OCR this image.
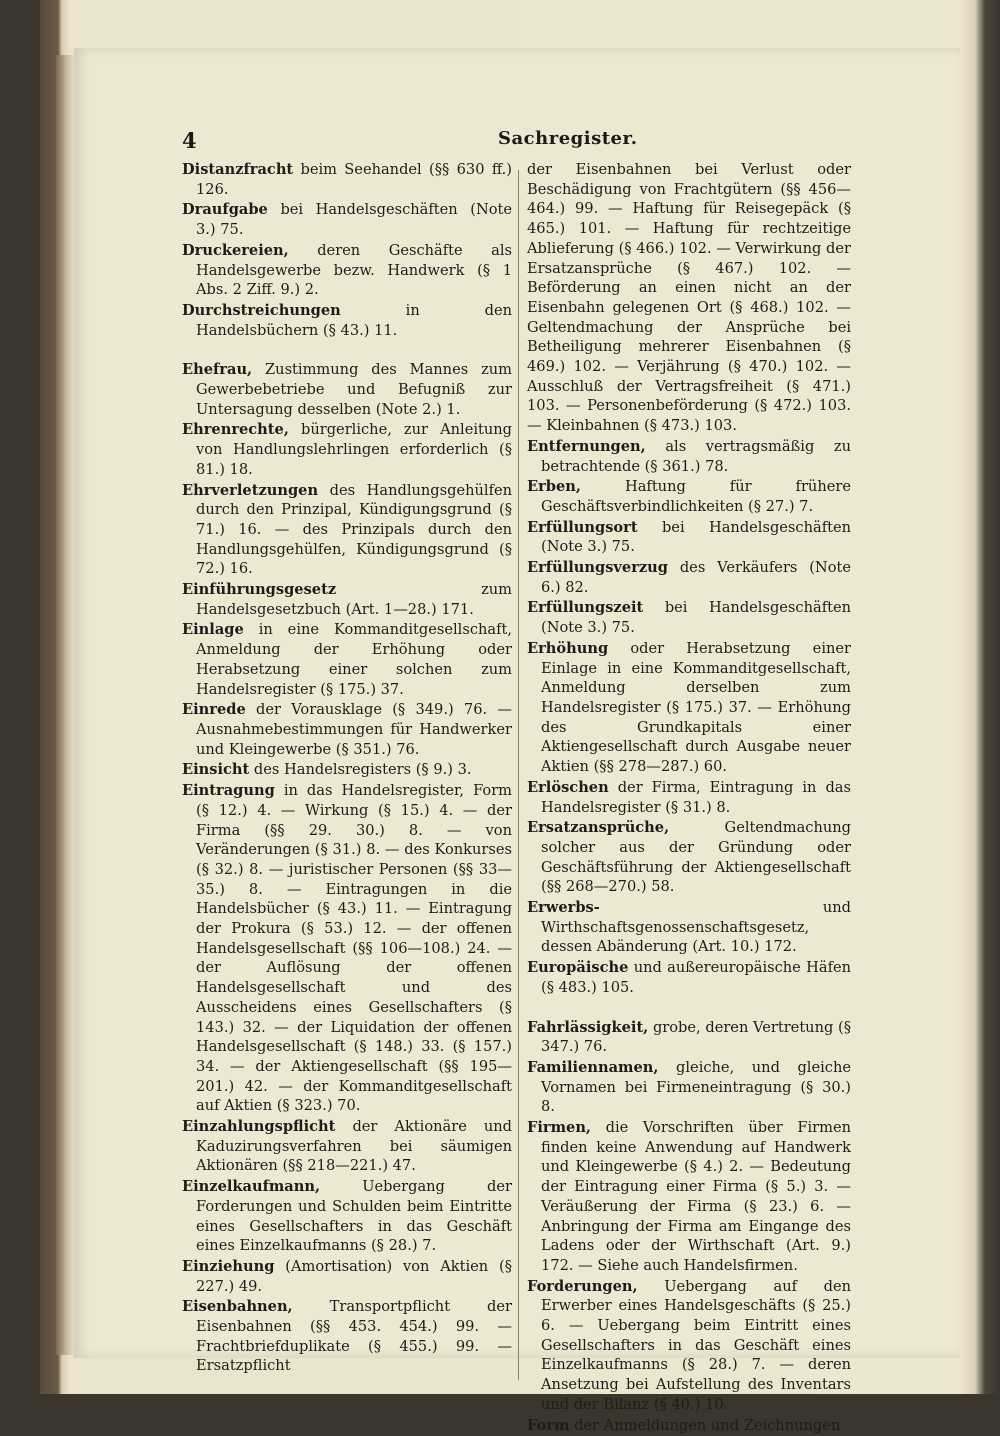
4	Sachregister.

Distanzfracht beim Seehandel (§§ 630 ff.) 126.

Draufgabe bei Handelsgeschäften (Note 3.) 75.

Druckereien, deren Geschäfte als Handelsgewerbe bezw. Handwerk (§ 1 Abs. 2 Ziff. 9.) 2.

Durchstreichungen	in den Handelsbüchern (§ 43.) 11.

Ehefrau, Zustimmung des Mannes zum Gewerbebetriebe und Befugniß zur Untersagung desselben (Note 2.) 1.

Ehrenrechte, bürgerliche, zur Anleitung von Handlungslehrlingen erforderlich (§ 81.) 18.

Ehrverletzungen des Handlungsgehülfen durch den Prinzipal, Kündigungsgrund (§ 71.) 16. — des Prinzipals durch den Handlungsgehülfen, Kündigungsgrund (§ 72.) 16.

Einführungsgesetz	zum Handelsgesetzbuch (Art. 1—28.) 171.

Einlage in eine Kommanditgesellschaft, Anmeldung der Erhöhung oder Herabsetzung einer solchen zum Handelsregister (§ 175.) 37.

Einrede der Vorausklage (§ 349.) 76. — Ausnahmebestimmungen für Handwerker und Kleingewerbe (§ 351.) 76.

Einsicht des Handelsregisters (§ 9.) 3.

Eintragung in das Handelsregister, Form (§ 12.) 4. — Wirkung (§ 15.) 4. — der Firma (§§ 29. 30.) 8. — von Veränderungen (§ 31.) 8. — des Konkurses (§ 32.) 8. — juristischer Personen (§§ 33—35.) 8. — Eintragungen in die Handelsbücher (§ 43.) 11. — Eintragung der Prokura (§ 53.) 12. — der offenen Handelsgesellschaft (§§ 106—108.) 24. — der Auflösung der offenen Handelsgesellschaft und des Ausscheidens eines Gesellschafters (§ 143.) 32. — der Liquidation der offenen Handelsgesellschaft (§ 148.) 33. (§ 157.) 34. — der Aktiengesellschaft (§§ 195—201.) 42. — der Kommanditgesellschaft auf Aktien (§ 323.) 70.

Einzahlungspflicht der Aktionäre und Kaduzirungsverfahren bei säumigen Aktionären (§§ 218—221.) 47.

Einzelkaufmann,	Uebergang der Forderungen und Schulden beim Eintritte eines Gesellschafters in das Geschäft eines Einzelkaufmanns (§ 28.) 7.

Einziehung (Amortisation) von Aktien (§ 227.) 49.

Eisenbahnen,	Transportpflicht der Eisenbahnen (§§ 453. 454.) 99. — Frachtbriefduplikate (§ 455.) 99. — Ersatzpflicht

der Eisenbahnen bei Verlust oder Beschädigung von Frachtgütern (§§ 456—464.) 99. — Haftung für Reisegepäck (§ 465.) 101. — Haftung für rechtzeitige Ablieferung (§ 466.) 102. — Verwirkung der Ersatzansprüche (§ 467.) 102. — Beförderung an einen nicht an der Eisenbahn gelegenen Ort (§ 468.) 102. — Geltendmachung der Ansprüche bei Betheiligung mehrerer Eisenbahnen (§ 469.) 102. — Verjährung (§ 470.) 102. — Ausschluß der Vertragsfreiheit (§ 471.) 103. — Personenbeförderung (§ 472.) 103. — Kleinbahnen (§ 473.) 103.

Entfernungen, als vertragsmäßig zu betrachtende (§ 361.) 78.

Erben,	Haftung für frühere Geschäftsverbindlichkeiten (§ 27.) 7.

Erfüllungsort bei Handelsgeschäften (Note 3.) 75.

Erfüllungsverzug des Verkäufers (Note 6.) 82.

Erfüllungszeit bei Handelsgeschäften (Note 3.) 75.

Erhöhung oder Herabsetzung einer Einlage in eine Kommanditgesellschaft, Anmeldung derselben zum Handelsregister (§ 175.) 37. — Erhöhung des Grundkapitals einer Aktiengesellschaft durch Ausgabe neuer Aktien (§§ 278—287.) 60.

Erlöschen der Firma, Eintragung in das Handelsregister (§ 31.) 8.

Ersatzansprüche,	Geltendmachung solcher aus der Gründung oder Geschäftsführung der Aktiengesellschaft (§§ 268—270.) 58.

Erwerbs-	und Wirthschaftsgenossenschaftsgesetz, dessen Abänderung (Art. 10.) 172.

Europäische und außereuropäische Häfen (§ 483.) 105.

Fahrlässigkeit, grobe, deren Vertretung (§ 347.) 76.

Familiennamen, gleiche, und gleiche Vornamen bei Firmeneintragung (§ 30.) 8.

Firmen, die Vorschriften über Firmen finden keine Anwendung auf Handwerk und Kleingewerbe (§ 4.) 2. — Bedeutung der Eintragung einer Firma (§ 5.) 3. — Veräußerung der Firma (§ 23.) 6. — Anbringung der Firma am Eingange des Ladens oder der Wirthschaft (Art. 9.) 172. — Siehe auch Handelsfirmen.

Forderungen, Uebergang auf den Erwerber eines Handelsgeschäfts (§ 25.) 6. — Uebergang beim Eintritt eines Gesellschafters in das Geschäft eines Einzelkaufmanns (§ 28.) 7. — deren Ansetzung bei Aufstellung des Inventars und der Bilanz (§ 40.) 10.

Form der Anmeldungen und Zeichnungen
